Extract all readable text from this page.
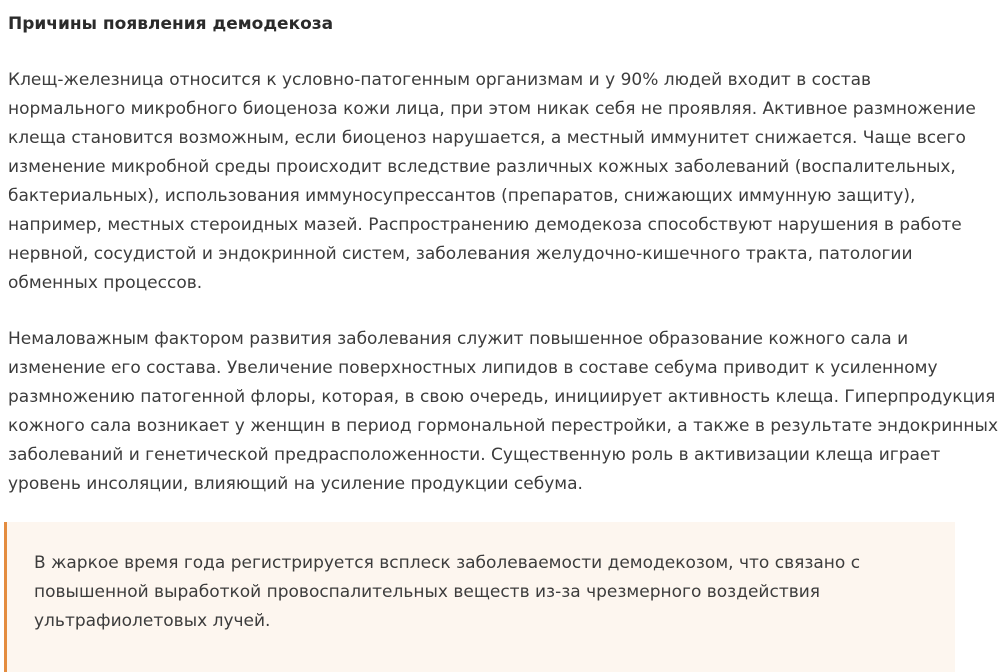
Причины появления демодекоза

Клещ-железница относится к условно-патогенным организмам и у 90% людей входит в состав
нормального микробного биоценоза кожи лица, при этом никак себя не проявляя. Активное размножение
клеща становится возможным, если биоценоз нарушается, а местный иммунитет снижается. Чаще всего
изменение микробной среды происходит вследствие различных кожных заболеваний (воспалительных,
бактериальных), использования иммуносупрессантов (препаратов, снижающих иммунную защиту),
например, местных стероидных мазей. Распространению демодекоза способствуют нарушения в работе
нервной, сосудистой и эндокринной систем, заболевания желудочно-кишечного тракта, патологии
обменных процессов.

Немаловажным фактором развития заболевания служит повышенное образование кожного сала и
изменение его состава. Увеличение поверхностных липидов в составе себума приводит к усиленному
размножению патогенной флоры, которая, в свою очередь, инициирует активность клеща. Гиперпродукция
кожного сала возникает у женщин в период гормональной перестройки, а также в результате эндокринных
заболеваний и генетической предрасположенности. Существенную роль в активизации клеща играет
уровень инсоляции, влияющий на усиление продукции себума.

В жаркое время года регистрируется всплеск заболеваемости демодекозом, что связано с
повышенной выработкой провоспалительных веществ из-за чрезмерного воздействия
ультрафиолетовых лучей.
